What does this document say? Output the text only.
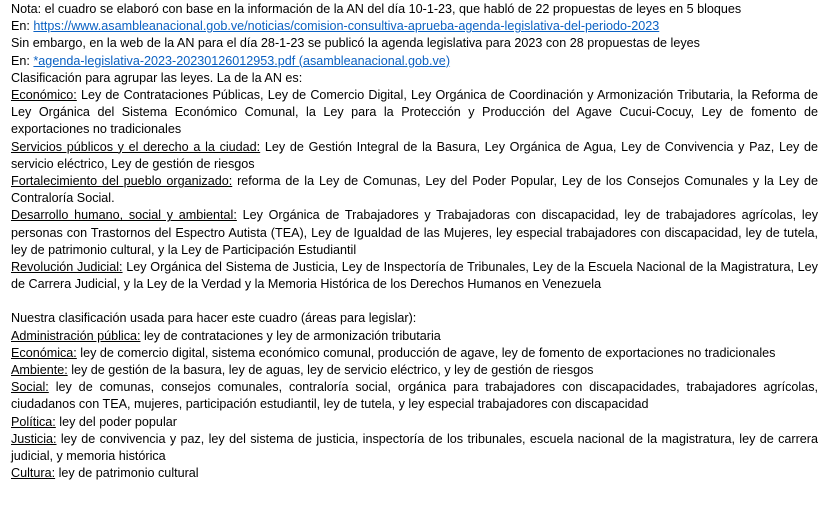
Nota: el cuadro se elaboró con base en la información de la AN del día 10-1-23, que habló de 22 propuestas de leyes en 5 bloques
En: https://www.asambleanacional.gob.ve/noticias/comision-consultiva-aprueba-agenda-legislativa-del-periodo-2023
Sin embargo, en la web de la AN para el día 28-1-23 se publicó la agenda legislativa para 2023 con 28 propuestas de leyes
En: *agenda-legislativa-2023-20230126012953.pdf (asambleanacional.gob.ve)
Clasificación para agrupar las leyes. La de la AN es:
Económico: Ley de Contrataciones Públicas, Ley de Comercio Digital, Ley Orgánica de Coordinación y Armonización Tributaria, la Reforma de Ley Orgánica del Sistema Económico Comunal, la Ley para la Protección y Producción del Agave Cucui-Cocuy, Ley de fomento de exportaciones no tradicionales
Servicios públicos y el derecho a la ciudad: Ley de Gestión Integral de la Basura, Ley Orgánica de Agua, Ley de Convivencia y Paz, Ley de servicio eléctrico, Ley de gestión de riesgos
Fortalecimiento del pueblo organizado: reforma de la Ley de Comunas, Ley del Poder Popular, Ley de los Consejos Comunales y la Ley de Contraloría Social.
Desarrollo humano, social y ambiental: Ley Orgánica de Trabajadores y Trabajadoras con discapacidad, ley de trabajadores agrícolas, ley personas con Trastornos del Espectro Autista (TEA), Ley de Igualdad de las Mujeres, ley especial trabajadores con discapacidad, ley de tutela, ley de patrimonio cultural, y la Ley de Participación Estudiantil
Revolución Judicial: Ley Orgánica del Sistema de Justicia, Ley de Inspectoría de Tribunales, Ley de la Escuela Nacional de la Magistratura, Ley de Carrera Judicial, y la Ley de la Verdad y la Memoria Histórica de los Derechos Humanos en Venezuela
Nuestra clasificación usada para hacer este cuadro (áreas para legislar):
Administración pública: ley de contrataciones y ley de armonización tributaria
Económica: ley de comercio digital, sistema económico comunal, producción de agave, ley de fomento de exportaciones no tradicionales
Ambiente: ley de gestión de la basura, ley de aguas, ley de servicio eléctrico, y ley de gestión de riesgos
Social: ley de comunas, consejos comunales, contraloría social, orgánica para trabajadores con discapacidades, trabajadores agrícolas, ciudadanos con TEA, mujeres, participación estudiantil, ley de tutela, y ley especial trabajadores con discapacidad
Política: ley del poder popular
Justicia: ley de convivencia y paz, ley del sistema de justicia, inspectoría de los tribunales, escuela nacional de la magistratura, ley de carrera judicial, y memoria histórica
Cultura: ley de patrimonio cultural
